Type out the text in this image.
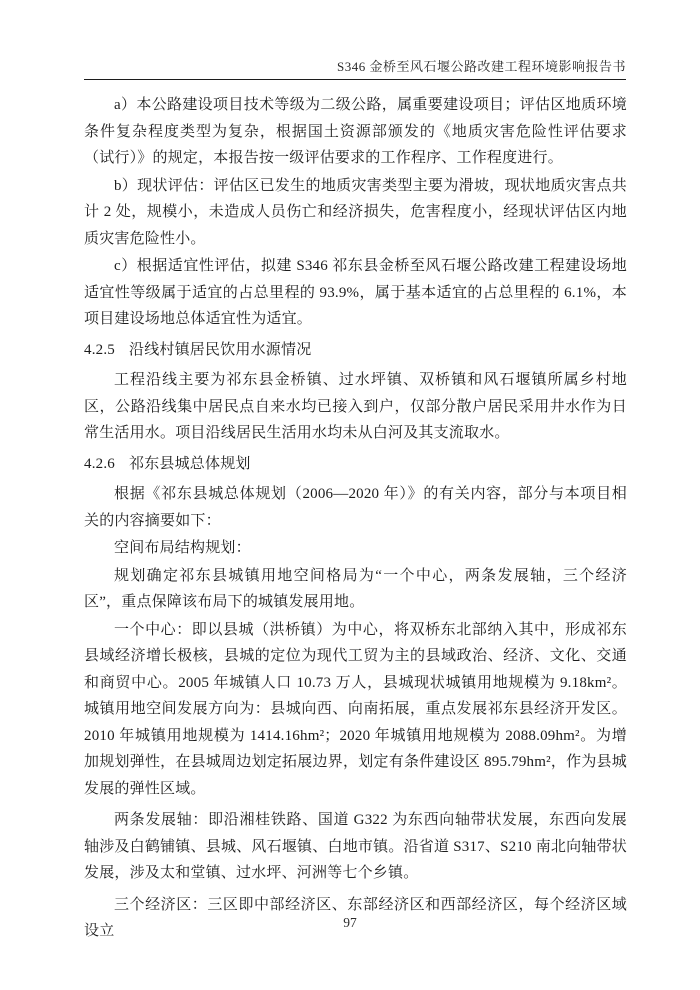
S346 金桥至风石堰公路改建工程环境影响报告书

a）本公路建设项目技术等级为二级公路，属重要建设项目；评估区地质环境条件复杂程度类型为复杂，根据国土资源部颁发的《地质灾害危险性评估要求（试行）》的规定，本报告按一级评估要求的工作程序、工作程度进行。

b）现状评估：评估区已发生的地质灾害类型主要为滑坡，现状地质灾害点共计 2 处，规模小，未造成人员伤亡和经济损失，危害程度小，经现状评估区内地质灾害危险性小。

c）根据适宜性评估，拟建 S346 祁东县金桥至风石堰公路改建工程建设场地适宜性等级属于适宜的占总里程的 93.9%，属于基本适宜的占总里程的 6.1%，本项目建设场地总体适宜性为适宜。

4.2.5 沿线村镇居民饮用水源情况

工程沿线主要为祁东县金桥镇、过水坪镇、双桥镇和风石堰镇所属乡村地区，公路沿线集中居民点自来水均已接入到户，仅部分散户居民采用井水作为日常生活用水。项目沿线居民生活用水均未从白河及其支流取水。

4.2.6 祁东县城总体规划

根据《祁东县城总体规划（2006—2020 年）》的有关内容，部分与本项目相关的内容摘要如下：

空间布局结构规划：

规划确定祁东县城镇用地空间格局为“一个中心，两条发展轴，三个经济区”，重点保障该布局下的城镇发展用地。

一个中心：即以县城（洪桥镇）为中心，将双桥东北部纳入其中，形成祁东县域经济增长极核，县城的定位为现代工贸为主的县域政治、经济、文化、交通和商贸中心。2005 年城镇人口 10.73 万人，县城现状城镇用地规模为 9.18km²。城镇用地空间发展方向为：县城向西、向南拓展，重点发展祁东县经济开发区。2010 年城镇用地规模为 1414.16hm²；2020 年城镇用地规模为 2088.09hm²。为增加规划弹性，在县城周边划定拓展边界，划定有条件建设区 895.79hm²，作为县城发展的弹性区域。

两条发展轴：即沿湘桂铁路、国道 G322 为东西向轴带状发展，东西向发展轴涉及白鹤铺镇、县城、风石堰镇、白地市镇。沿省道 S317、S210 南北向轴带状发展，涉及太和堂镇、过水坪、河洲等七个乡镇。

三个经济区：三区即中部经济区、东部经济区和西部经济区，每个经济区域设立

97
